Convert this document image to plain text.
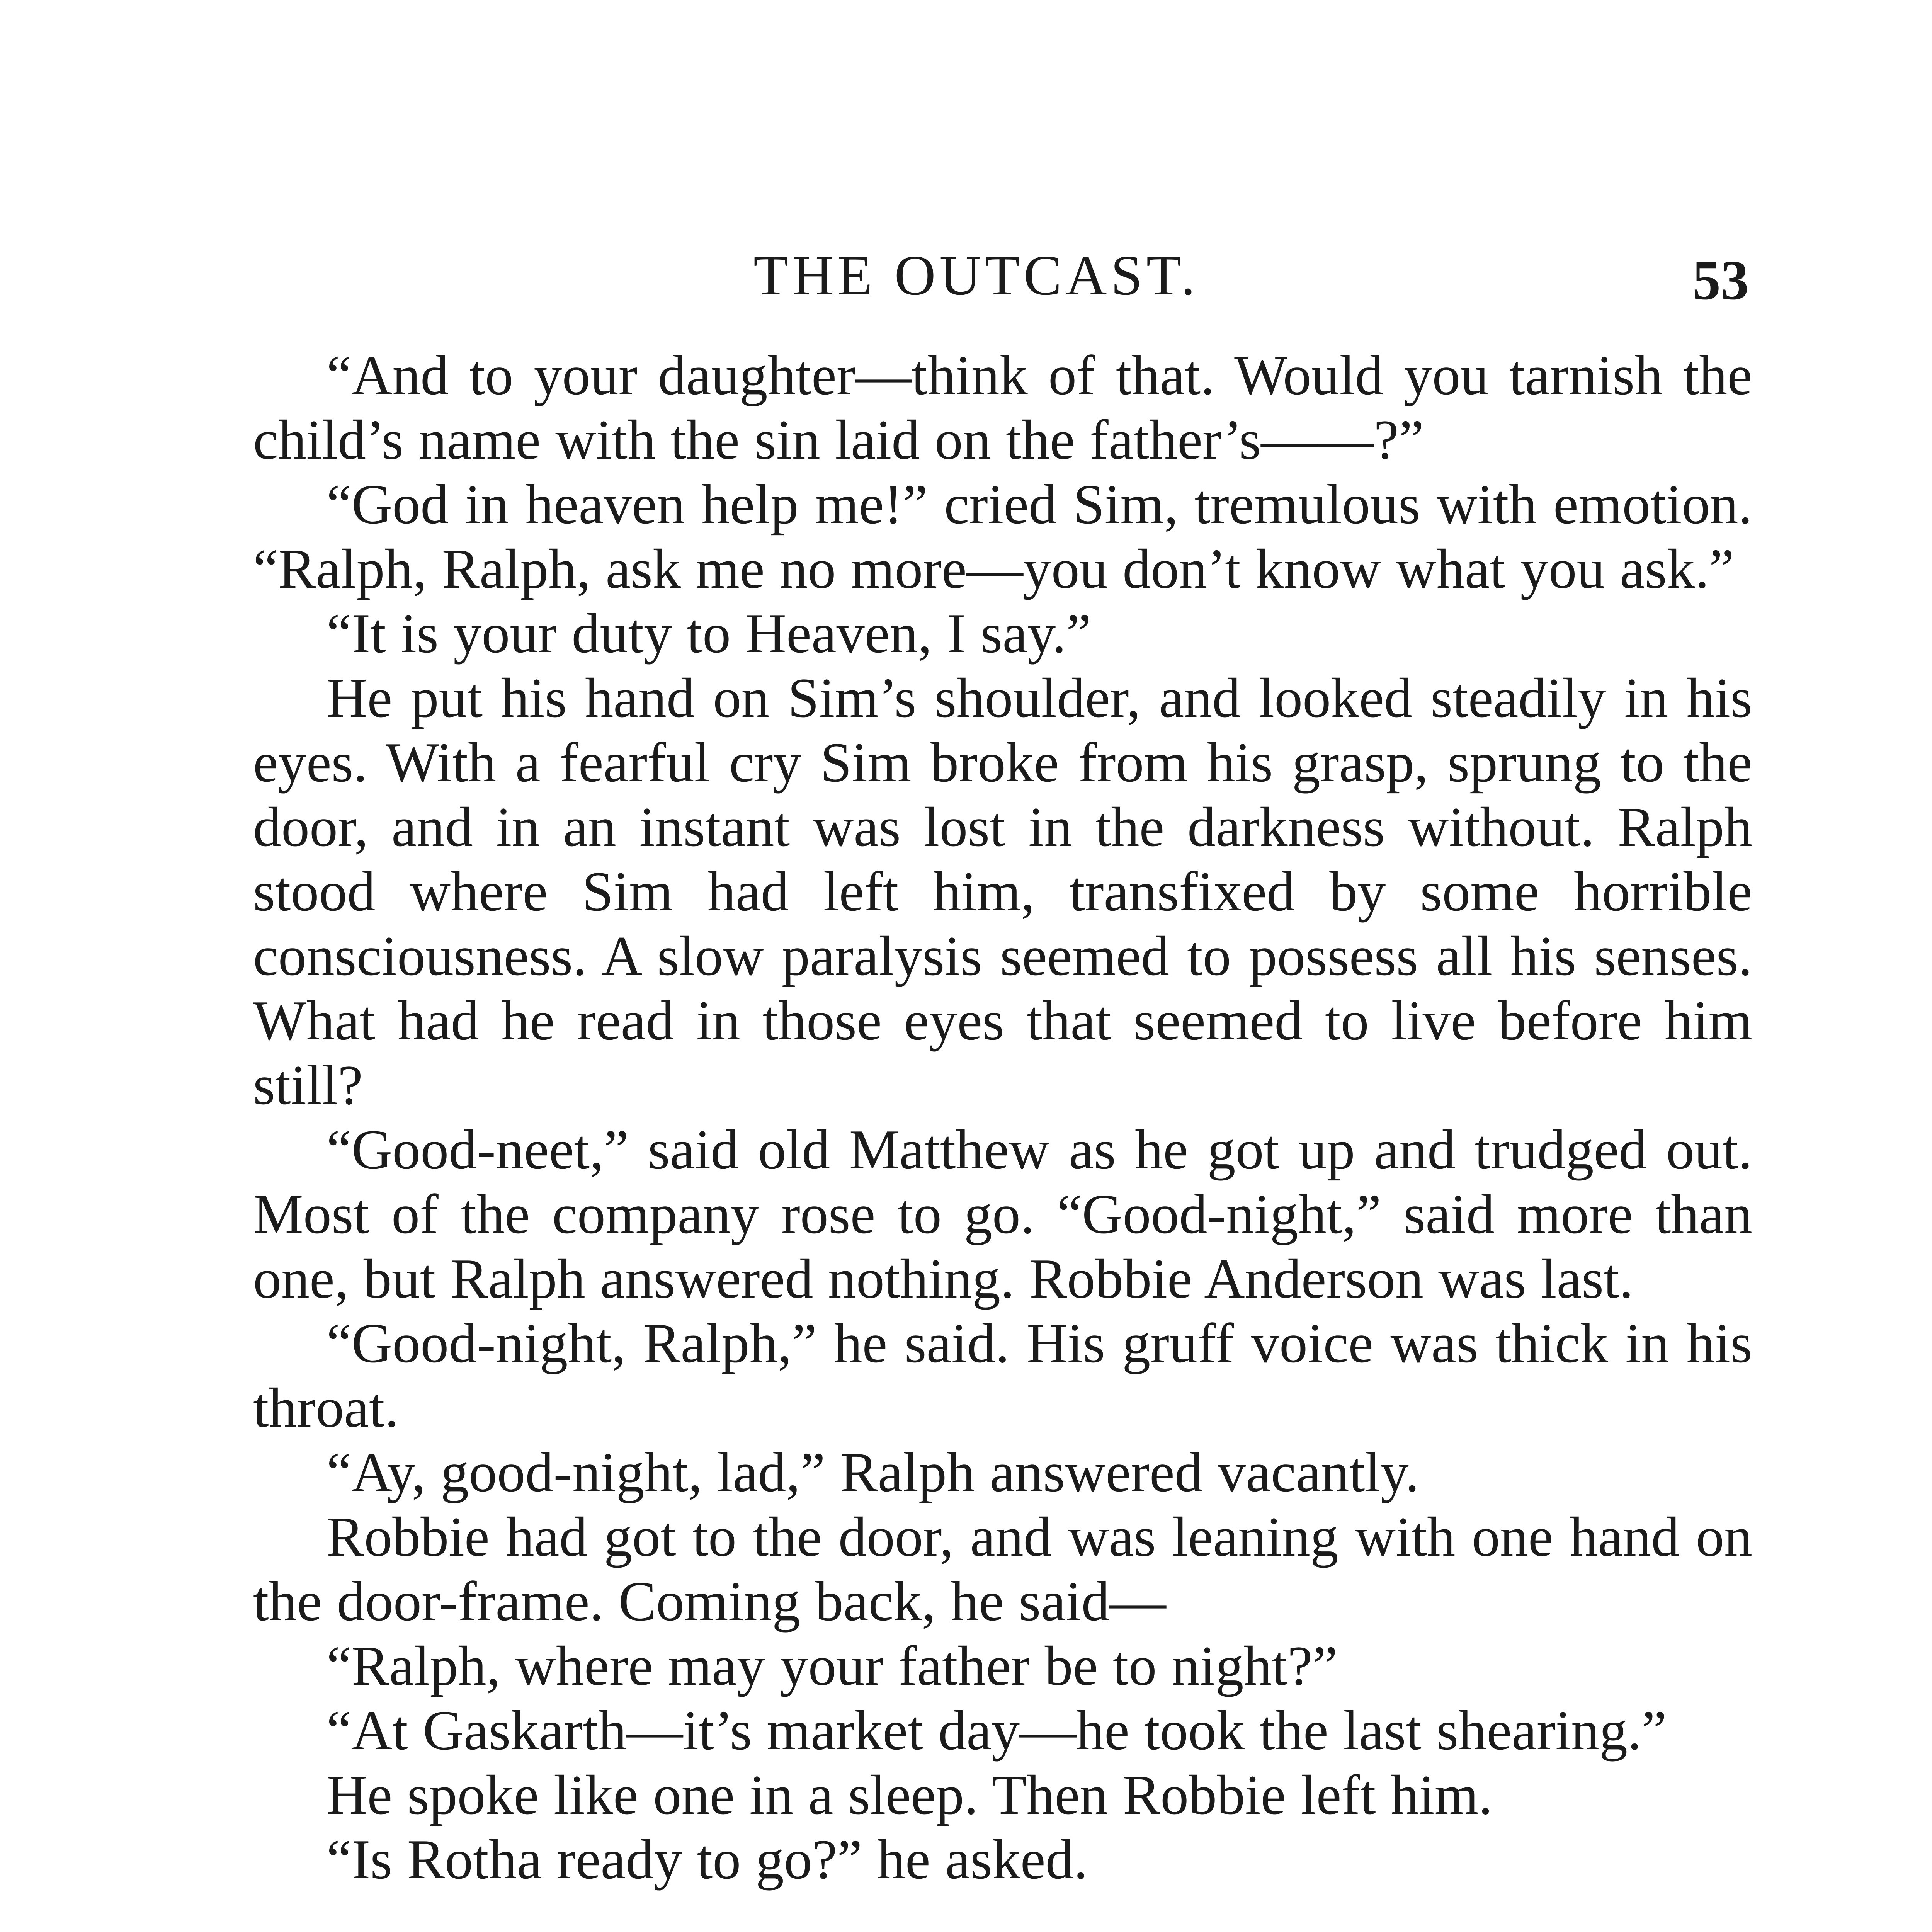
THE OUTCAST.	53

“And to your daughter—think of that. Would you tarnish the child’s name with the sin laid on the father’s——?”

“God in heaven help me!” cried Sim, tremulous with emotion. “Ralph, Ralph, ask me no more—you don’t know what you ask.”

“It is your duty to Heaven, I say.”

He put his hand on Sim’s shoulder, and looked steadily in his eyes. With a fearful cry Sim broke from his grasp, sprung to the door, and in an instant was lost in the darkness without. Ralph stood where Sim had left him, transfixed by some horrible consciousness. A slow paralysis seemed to possess all his senses. What had he read in those eyes that seemed to live before him still?

“Good-neet,” said old Matthew as he got up and trudged out. Most of the company rose to go. “Good-night,” said more than one, but Ralph answered nothing. Robbie Anderson was last.

“Good-night, Ralph,” he said. His gruff voice was thick in his throat.

“Ay, good-night, lad,” Ralph answered vacantly.

Robbie had got to the door, and was leaning with one hand on the door-frame. Coming back, he said—

“Ralph, where may your father be to night?”

“At Gaskarth—it’s market day—he took the last shearing.”

He spoke like one in a sleep. Then Robbie left him.

“Is Rotha ready to go?” he asked.
